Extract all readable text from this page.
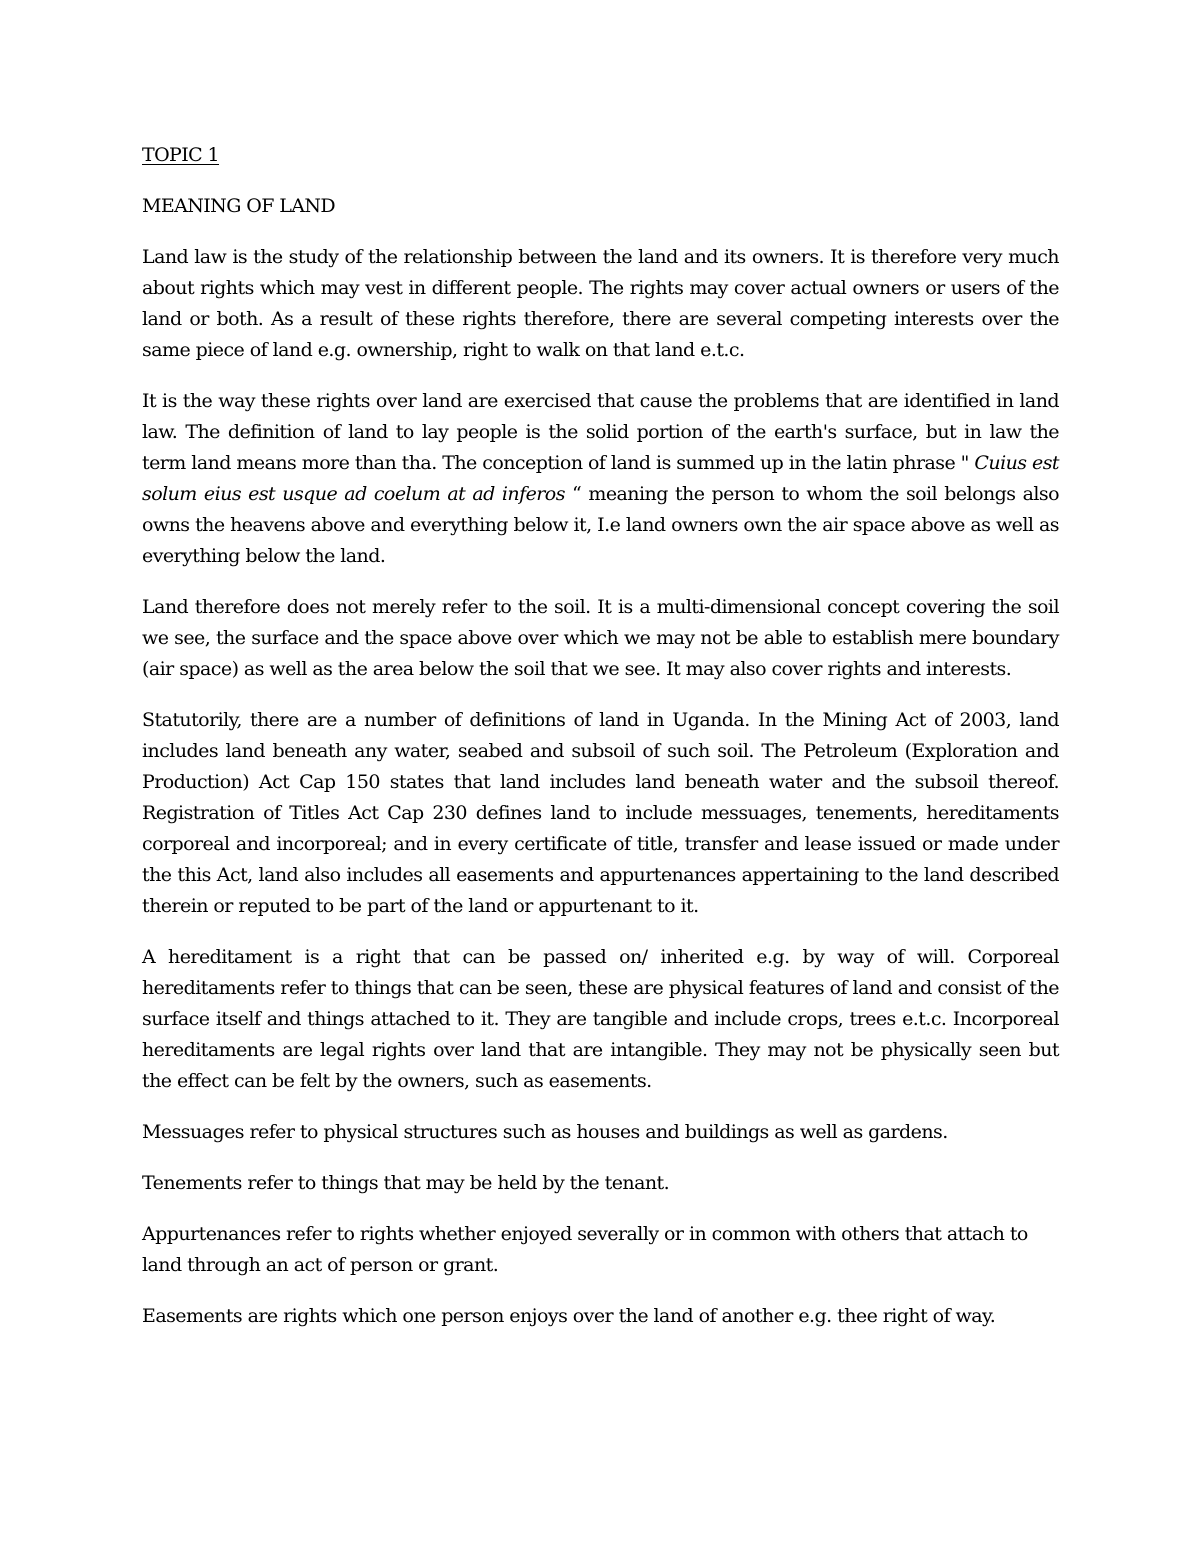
TOPIC 1
MEANING OF LAND

Land law is the study of the relationship between the land and its owners. It is therefore very much about rights which may vest in different people. The rights may cover actual owners or users of the land or both. As a result of these rights therefore, there are several competing interests over the same piece of land e.g. ownership, right to walk on that land e.t.c.

It is the way these rights over land are exercised that cause the problems that are identified in land law. The definition of land to lay people is the solid portion of the earth's surface, but in law the term land means more than tha. The conception of land is summed up in the latin phrase " Cuius est solum eius est usque ad coelum at ad inferos “ meaning the person to whom the soil belongs also owns the heavens above and everything below it, I.e land owners own the air space above as well as everything below the land.

Land therefore does not merely refer to the soil. It is a multi-dimensional concept covering the soil we see, the surface and the space above over which we may not be able to establish mere boundary (air space) as well as the area below the soil that we see. It may also cover rights and interests.

Statutorily, there are a number of definitions of land in Uganda. In the Mining Act of 2003, land includes land beneath any water, seabed and subsoil of such soil. The Petroleum (Exploration and Production) Act Cap 150 states that land includes land beneath water and the subsoil thereof. Registration of Titles Act Cap 230 defines land to include messuages, tenements, hereditaments corporeal and incorporeal; and in every certificate of title, transfer and lease issued or made under the this Act, land also includes all easements and appurtenances appertaining to the land described therein or reputed to be part of the land or appurtenant to it.

A hereditament is a right that can be passed on/ inherited e.g. by way of will. Corporeal hereditaments refer to things that can be seen, these are physical features of land and consist of the surface itself and things attached to it. They are tangible and include crops, trees e.t.c. Incorporeal hereditaments are legal rights over land that are intangible. They may not be physically seen but the effect can be felt by the owners, such as easements.

Messuages refer to physical structures such as houses and buildings as well as gardens.

Tenements refer to things that may be held by the tenant.

Appurtenances refer to rights whether enjoyed severally or in common with others that attach to land through an act of person or grant.

Easements are rights which one person enjoys over the land of another e.g. thee right of way.
